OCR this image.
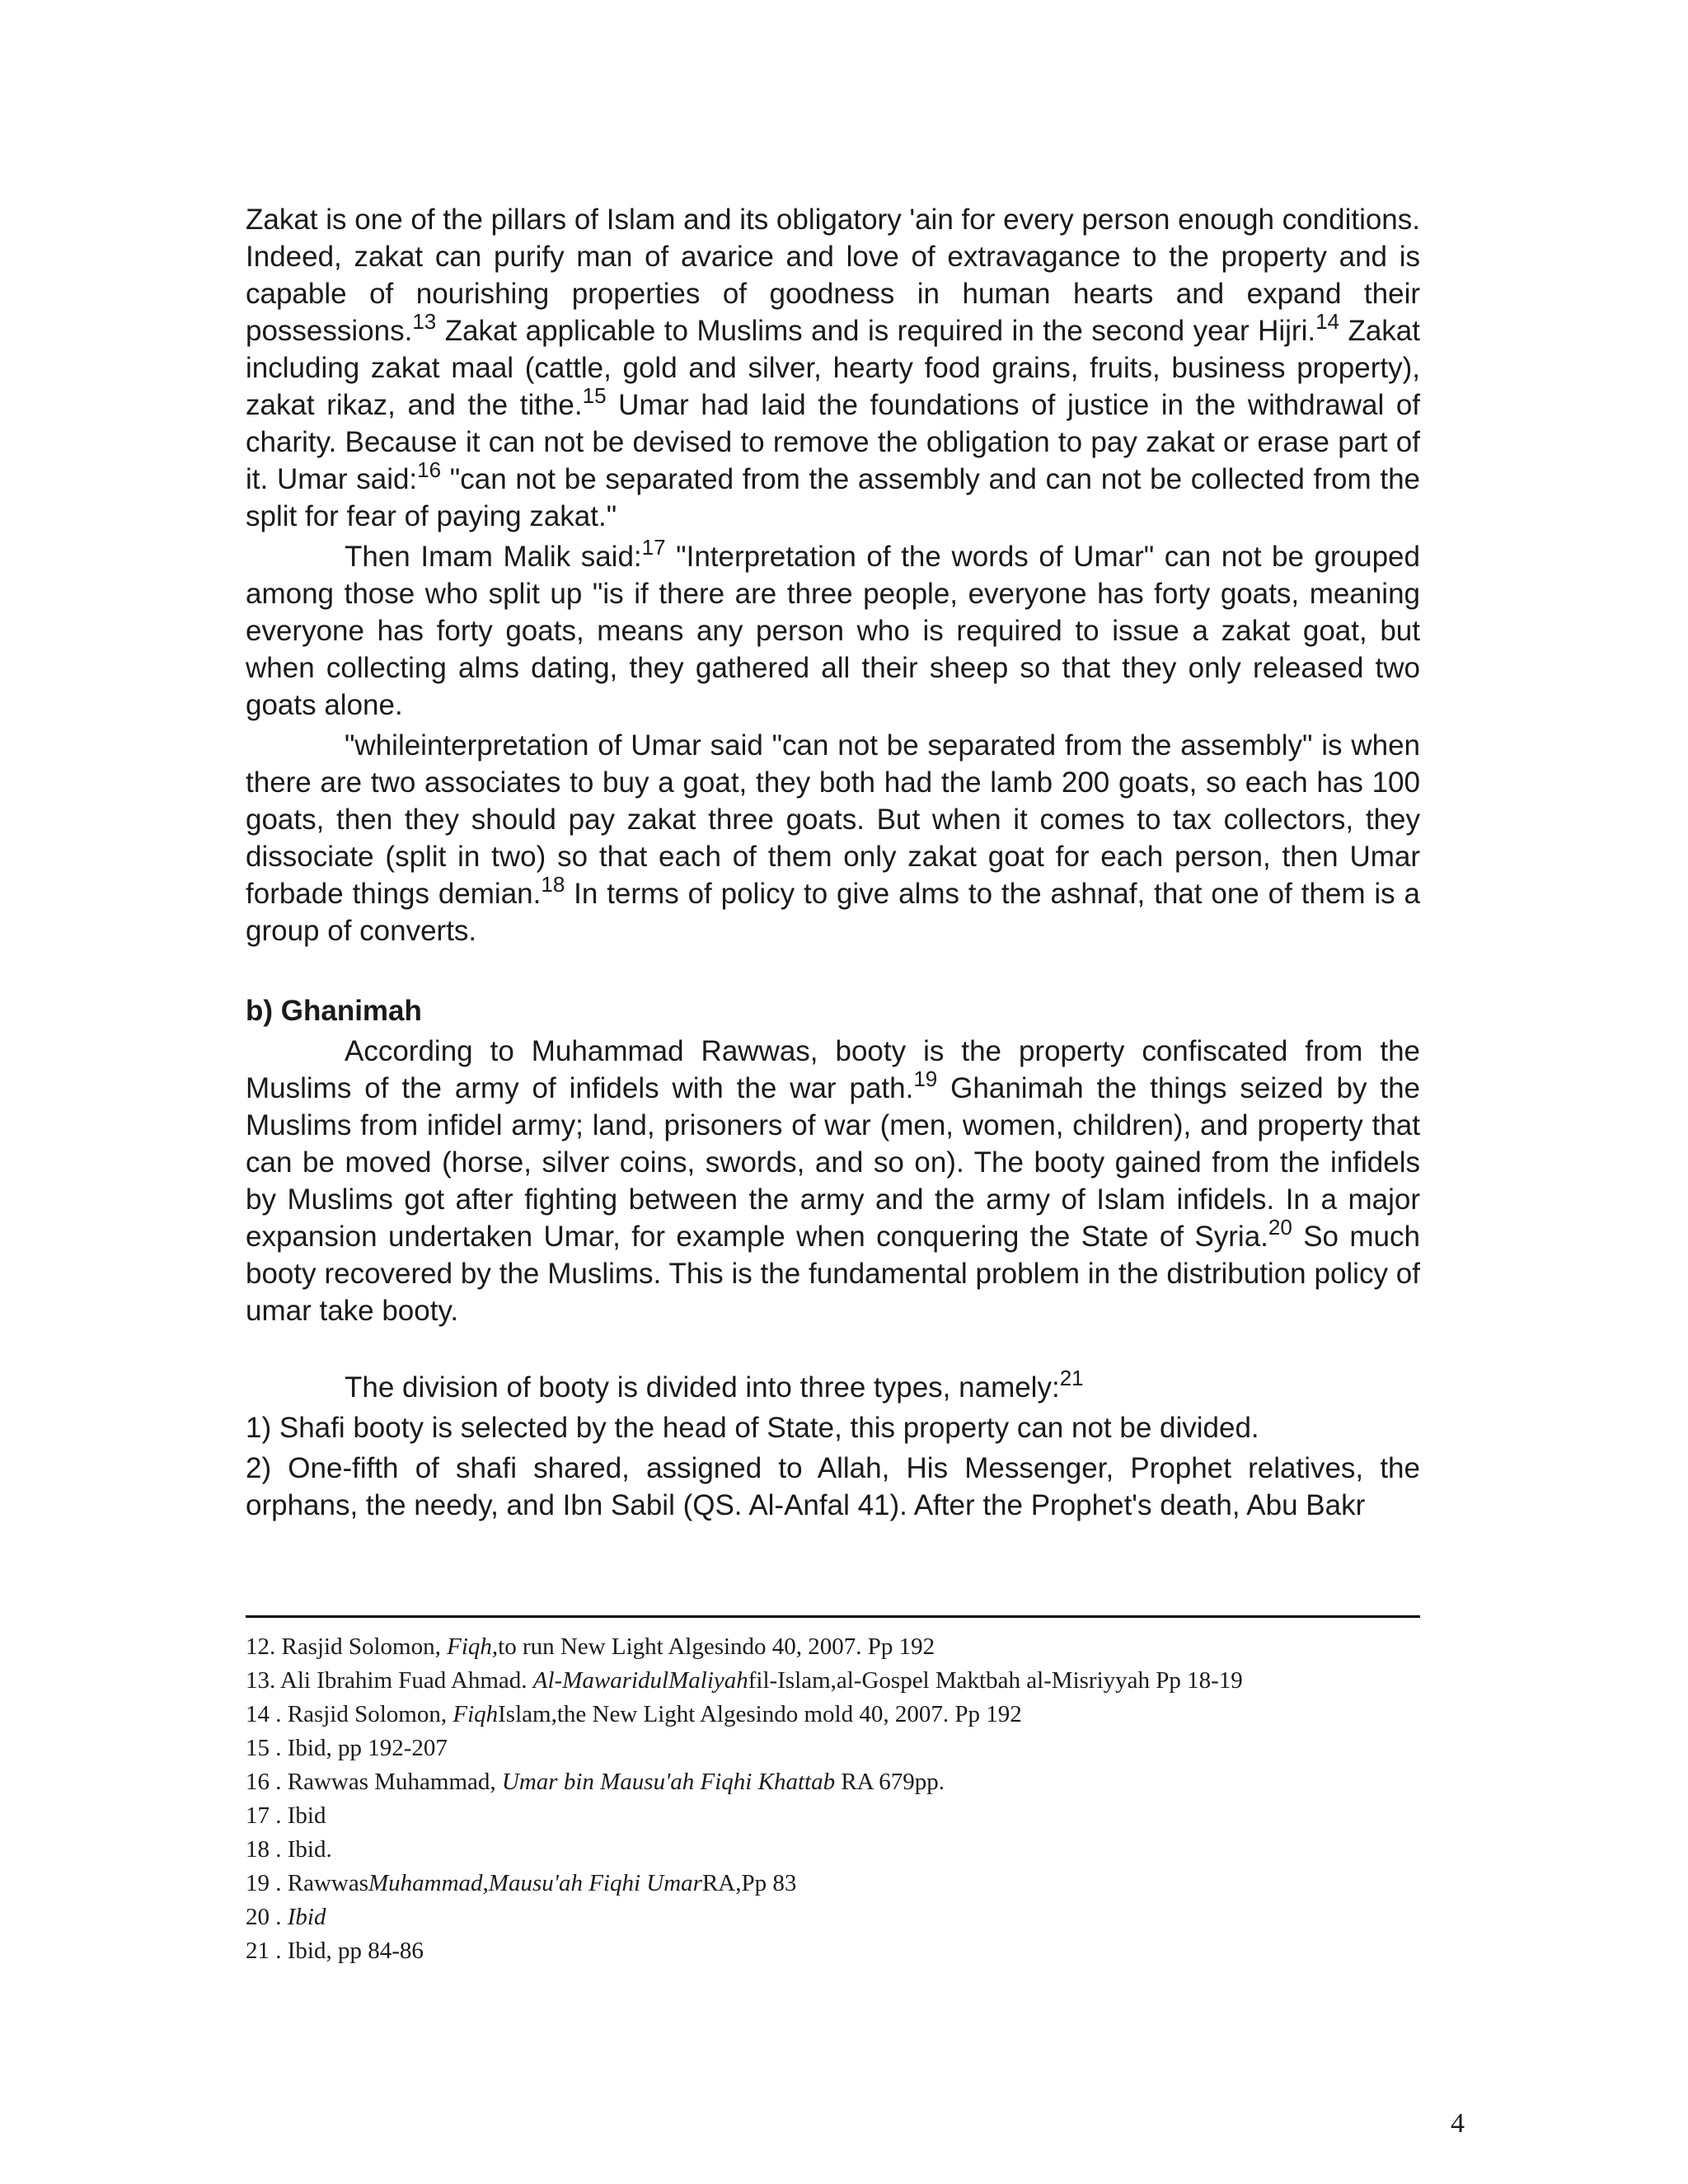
Zakat is one of the pillars of Islam and its obligatory 'ain for every person enough conditions. Indeed, zakat can purify man of avarice and love of extravagance to the property and is capable of nourishing properties of goodness in human hearts and expand their possessions.$^{13}$ Zakat applicable to Muslims and is required in the second year Hijri.$^{14}$ Zakat including zakat maal (cattle, gold and silver, hearty food grains, fruits, business property), zakat rikaz, and the tithe.$^{15}$ Umar had laid the foundations of justice in the withdrawal of charity. Because it can not be devised to remove the obligation to pay zakat or erase part of it. Umar said:$^{16}$ "can not be separated from the assembly and can not be collected from the split for fear of paying zakat."

Then Imam Malik said:$^{17}$ "Interpretation of the words of Umar" can not be grouped among those who split up "is if there are three people, everyone has forty goats, meaning everyone has forty goats, means any person who is required to issue a zakat goat, but when collecting alms dating, they gathered all their sheep so that they only released two goats alone.

"whileinterpretation of Umar said "can not be separated from the assembly" is when there are two associates to buy a goat, they both had the lamb 200 goats, so each has 100 goats, then they should pay zakat three goats. But when it comes to tax collectors, they dissociate (split in two) so that each of them only zakat goat for each person, then Umar forbade things demian.$^{18}$ In terms of policy to give alms to the ashnaf, that one of them is a group of converts.

b) Ghanimah

According to Muhammad Rawwas, booty is the property confiscated from the Muslims of the army of infidels with the war path.$^{19}$ Ghanimah the things seized by the Muslims from infidel army; land, prisoners of war (men, women, children), and property that can be moved (horse, silver coins, swords, and so on). The booty gained from the infidels by Muslims got after fighting between the army and the army of Islam infidels. In a major expansion undertaken Umar, for example when conquering the State of Syria.$^{20}$ So much booty recovered by the Muslims. This is the fundamental problem in the distribution policy of umar take booty.

The division of booty is divided into three types, namely:$^{21}$

1) Shafi booty is selected by the head of State, this property can not be divided.

2) One-fifth of shafi shared, assigned to Allah, His Messenger, Prophet relatives, the orphans, the needy, and Ibn Sabil (QS. Al-Anfal 41). After the Prophet's death, Abu Bakr

12. Rasjid Solomon, Fiqh,to run New Light Algesindo 40, 2007. Pp 192
13. Ali Ibrahim Fuad Ahmad. Al-MawaridulMaliyahfil-Islam,al-Gospel Maktbah al-Misriyyah Pp 18-19
14 . Rasjid Solomon, FiqhIslam,the New Light Algesindo mold 40, 2007. Pp 192
15 . Ibid, pp 192-207
16 . Rawwas Muhammad, Umar bin Mausu'ah Fiqhi Khattab RA 679pp.
17 . Ibid
18 . Ibid.
19 . RawwasMuhammad,Mausu'ah Fiqhi UmarRA,Pp 83
20 . Ibid
21 . Ibid, pp 84-86
4
